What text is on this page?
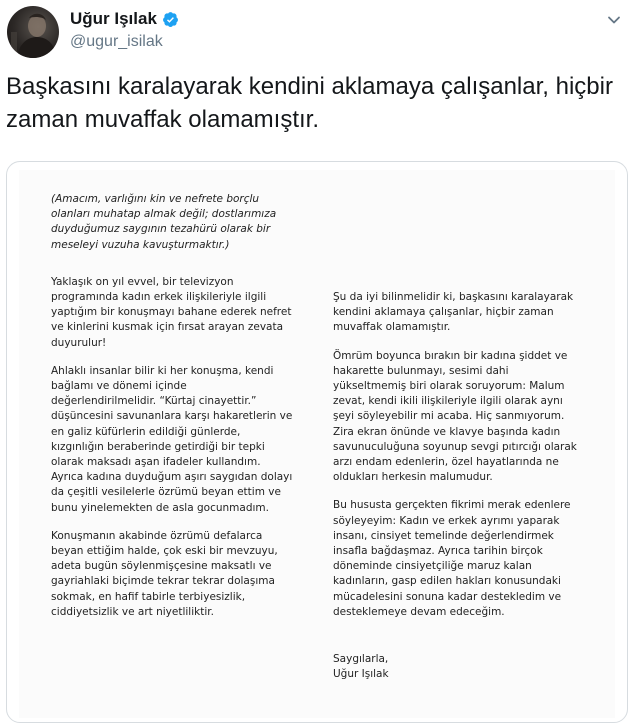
Uğur Işılak
@ugur_isilak
Başkasını karalayarak kendini aklamaya çalışanlar, hiçbir zaman muvaffak olamamıştır.

(Amacım, varlığını kin ve nefrete borçlu olanları muhatap almak değil; dostlarımıza duyduğumuz saygının tezahürü olarak bir meseleyi vuzuha kavuşturmaktır.)

Yaklaşık on yıl evvel, bir televizyon programında kadın erkek ilişkileriyle ilgili yaptığım bir konuşmayı bahane ederek nefret ve kinlerini kusmak için fırsat arayan zevata duyurulur!

Ahlaklı insanlar bilir ki her konuşma, kendi bağlamı ve dönemi içinde değerlendirilmelidir. “Kürtaj cinayettir.” düşüncesini savunanlara karşı hakaretlerin ve en galiz küfürlerin edildiği günlerde, kızgınlığın beraberinde getirdiği bir tepki olarak maksadı aşan ifadeler kullandım. Ayrıca kadına duyduğum aşırı saygıdan dolayı da çeşitli vesilelerle özrümü beyan ettim ve bunu yinelemekten de asla gocunmadım.

Konuşmanın akabinde özrümü defalarca beyan ettiğim halde, çok eski bir mevzuyu, adeta bugün söylenmişçesine maksatlı ve gayriahlaki biçimde tekrar tekrar dolaşıma sokmak, en hafif tabirle terbiyesizlik, ciddiyetsizlik ve art niyetliliktir.

Şu da iyi bilinmelidir ki, başkasını karalayarak kendini aklamaya çalışanlar, hiçbir zaman muvaffak olamamıştır.

Ömrüm boyunca bırakın bir kadına şiddet ve hakarette bulunmayı, sesimi dahi yükseltmemiş biri olarak soruyorum: Malum zevat, kendi ikili ilişkileriyle ilgili olarak aynı şeyi söyleyebilir mi acaba. Hiç sanmıyorum. Zira ekran önünde ve klavye başında kadın savunuculuğuna soyunup sevgi pıtırcığı olarak arzı endam edenlerin, özel hayatlarında ne oldukları herkesin malumudur.

Bu hususta gerçekten fikrimi merak edenlere söyleyeyim: Kadın ve erkek ayrımı yaparak insanı, cinsiyet temelinde değerlendirmek insafla bağdaşmaz. Ayrıca tarihin birçok döneminde cinsiyetçiliğe maruz kalan kadınların, gasp edilen hakları konusundaki mücadelesini sonuna kadar destekledim ve desteklemeye devam edeceğim.

Saygılarla,

Uğur Işılak
